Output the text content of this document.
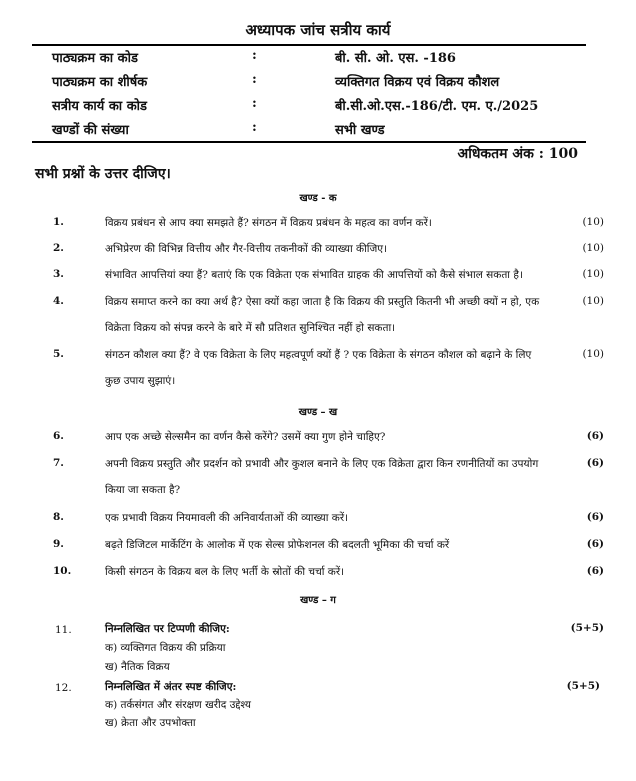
अध्यापक जांच सत्रीय कार्य
पाठ्यक्रम का कोड	:	बी. सी. ओ. एस. -186
पाठ्यक्रम का शीर्षक	:	व्यक्तिगत विक्रय एवं विक्रय कौशल
सत्रीय कार्य का कोड	:	बी.सी.ओ.एस.-186/टी. एम. ए./2025
खण्डों की संख्या	:	सभी खण्ड
अधिकतम अंक : 100
सभी प्रश्नों के उत्तर दीजिए।
खण्ड - क
1.	विक्रय प्रबंधन से आप क्या समझते हैं? संगठन में विक्रय प्रबंधन के महत्व का वर्णन करें।	(10)
2.	अभिप्रेरण की विभिन्न वित्तीय और गैर-वित्तीय तकनीकों की व्याख्या कीजिए।	(10)
3.	संभावित आपत्तियां क्या हैं? बताएं कि एक विक्रेता एक संभावित ग्राहक की आपत्तियों को कैसे संभाल सकता है।	(10)
4.	विक्रय समाप्त करने का क्या अर्थ है? ऐसा क्यों कहा जाता है कि विक्रय की प्रस्तुति कितनी भी अच्छी क्यों न हो, एक विक्रेता विक्रय को संपन्न करने के बारे में सौ प्रतिशत सुनिश्चित नहीं हो सकता।
(10)
5.	संगठन कौशल क्या हैं? वे एक विक्रेता के लिए महत्वपूर्ण क्यों हैं ? एक विक्रेता के संगठन कौशल को बढ़ाने के लिए कुछ उपाय सुझाएं।
(10)
खण्ड – ख
6.	आप एक अच्छे सेल्समैन का वर्णन कैसे करेंगे? उसमें क्या गुण होने चाहिए?	(6)
7.	अपनी विक्रय प्रस्तुति और प्रदर्शन को प्रभावी और कुशल बनाने के लिए एक विक्रेता द्वारा किन रणनीतियों का उपयोग किया जा सकता है?
(6)
8.	एक प्रभावी विक्रय नियमावली की अनिवार्यताओं की व्याख्या करें।	(6)
9.	बढ़ते डिजिटल मार्केटिंग के आलोक में एक सेल्स प्रोफेशनल की बदलती भूमिका की चर्चा करें	(6)
10.	किसी संगठन के विक्रय बल के लिए भर्ती के स्रोतों की चर्चा करें।	(6)
खण्ड – ग
11.	निम्नलिखित पर टिप्पणी कीजिए:	(5+5)
क) व्यक्तिगत विक्रय की प्रक्रिया
ख) नैतिक विक्रय
12.	निम्नलिखित में अंतर स्पष्ट कीजिए:	(5+5)
क) तर्कसंगत और संरक्षण खरीद उद्देश्य
ख) क्रेता और उपभोक्ता
